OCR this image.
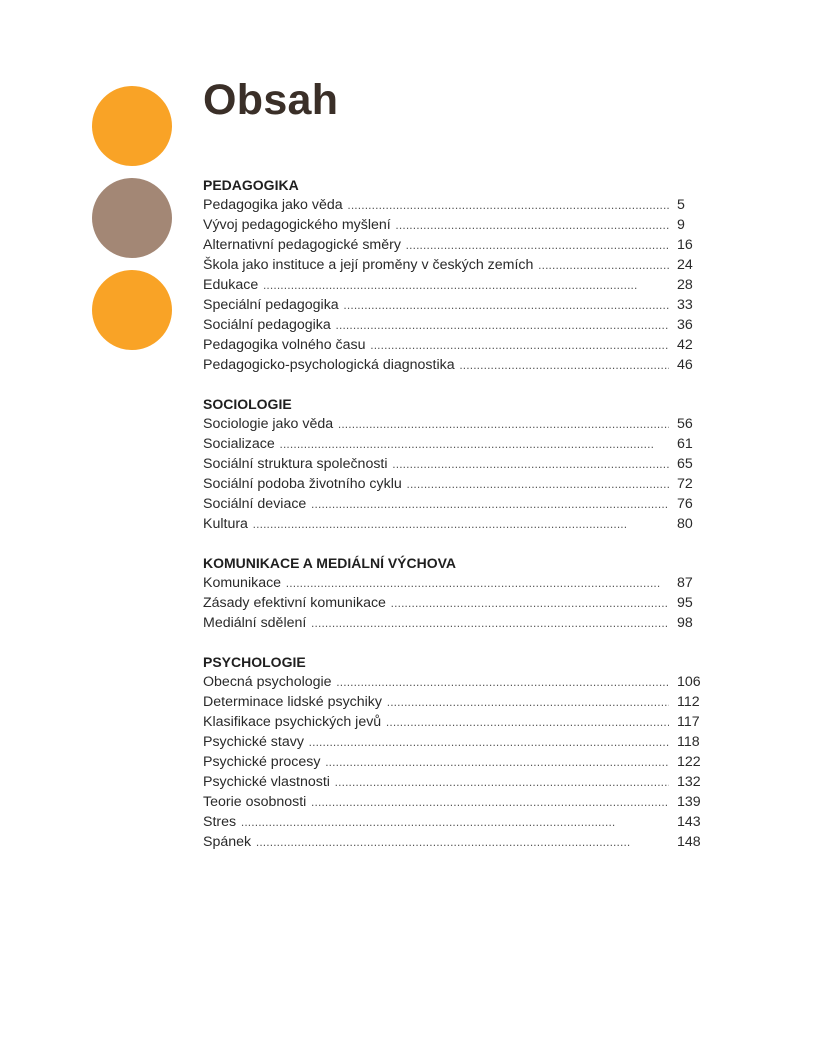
Obsah
PEDAGOGIKA
Pedagogika jako věda . . .	5
Vývoj pedagogického myšlení . . .	9
Alternativní pedagogické směry . . .	16
Škola jako instituce a její proměny v českých zemích . . .	24
Edukace . . .	28
Speciální pedagogika . . .	33
Sociální pedagogika . . .	36
Pedagogika volného času . . .	42
Pedagogicko-psychologická diagnostika . . .	46
SOCIOLOGIE
Sociologie jako věda . . .	56
Socializace . . .	61
Sociální struktura společnosti . . .	65
Sociální podoba životního cyklu . . .	72
Sociální deviace . . .	76
Kultura . . .	80
KOMUNIKACE A MEDIÁLNÍ VÝCHOVA
Komunikace . . .	87
Zásady efektivní komunikace . . .	95
Mediální sdělení . . .	98
PSYCHOLOGIE
Obecná psychologie . . .	106
Determinace lidské psychiky . . .	112
Klasifikace psychických jevů . . .	117
Psychické stavy . . .	118
Psychické procesy . . .	122
Psychické vlastnosti . . .	132
Teorie osobnosti . . .	139
Stres . . .	143
Spánek . . .	148
